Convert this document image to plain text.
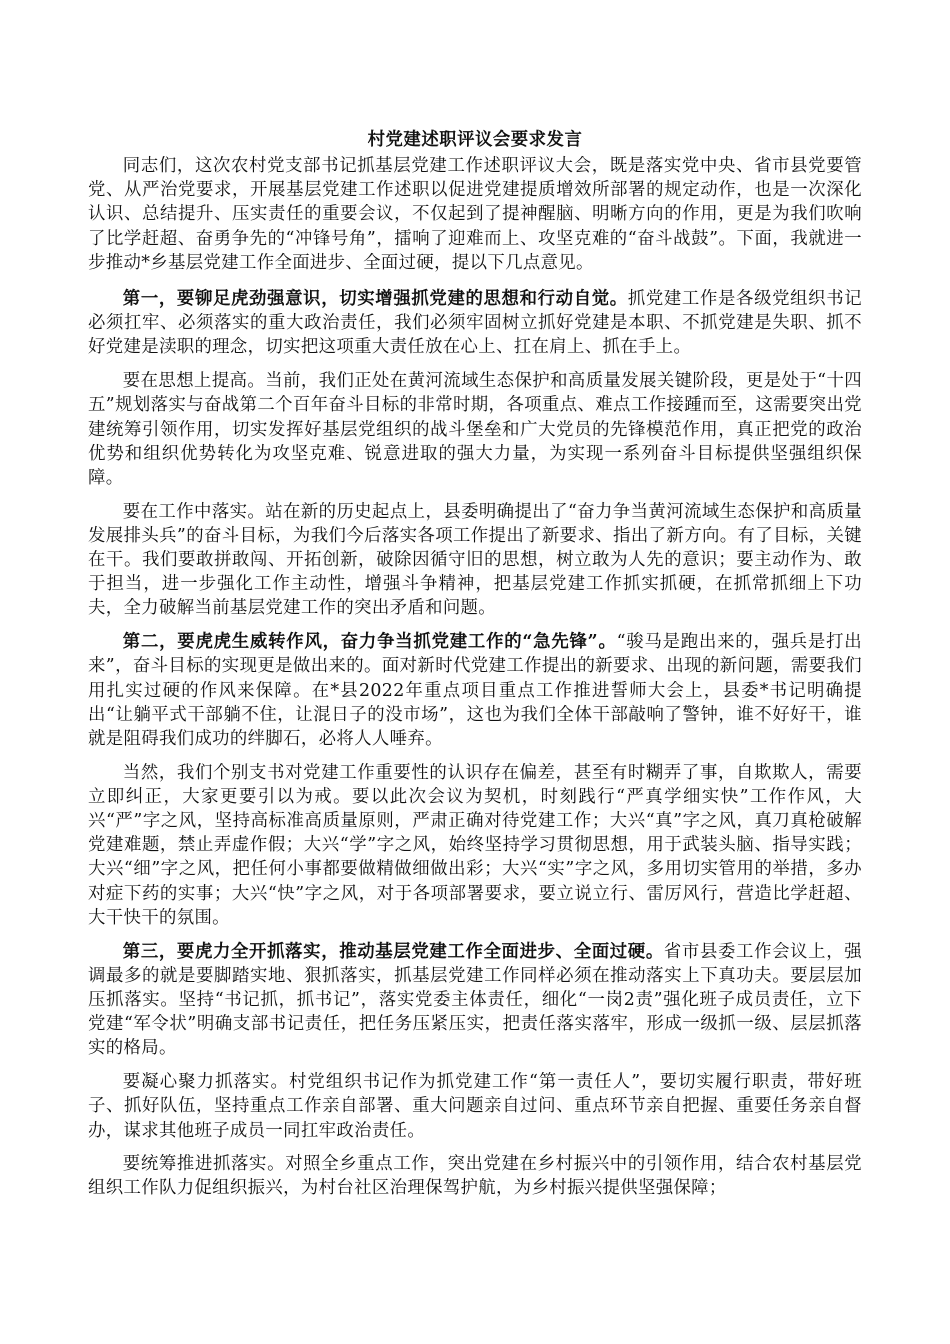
村党建述职评议会要求发言

同志们，这次农村党支部书记抓基层党建工作述职评议大会，既是落实党中央、省市县党要管党、从严治党要求，开展基层党建工作述职以促进党建提质增效所部署的规定动作，也是一次深化认识、总结提升、压实责任的重要会议，不仅起到了提神醒脑、明晰方向的作用，更是为我们吹响了比学赶超、奋勇争先的“冲锋号角”，擂响了迎难而上、攻坚克难的“奋斗战鼓”。下面，我就进一步推动*乡基层党建工作全面进步、全面过硬，提以下几点意见。

第一，要铆足虎劲强意识，切实增强抓党建的思想和行动自觉。抓党建工作是各级党组织书记必须扛牢、必须落实的重大政治责任，我们必须牢固树立抓好党建是本职、不抓党建是失职、抓不好党建是渎职的理念，切实把这项重大责任放在心上、扛在肩上、抓在手上。

要在思想上提高。当前，我们正处在黄河流域生态保护和高质量发展关键阶段，更是处于“十四五”规划落实与奋战第二个百年奋斗目标的非常时期，各项重点、难点工作接踵而至，这需要突出党建统筹引领作用，切实发挥好基层党组织的战斗堡垒和广大党员的先锋模范作用，真正把党的政治优势和组织优势转化为攻坚克难、锐意进取的强大力量，为实现一系列奋斗目标提供坚强组织保障。

要在工作中落实。站在新的历史起点上，县委明确提出了“奋力争当黄河流域生态保护和高质量发展排头兵”的奋斗目标，为我们今后落实各项工作提出了新要求、指出了新方向。有了目标，关键在干。我们要敢拼敢闯、开拓创新，破除因循守旧的思想，树立敢为人先的意识；要主动作为、敢于担当，进一步强化工作主动性，增强斗争精神，把基层党建工作抓实抓硬，在抓常抓细上下功夫，全力破解当前基层党建工作的突出矛盾和问题。

第二，要虎虎生威转作风，奋力争当抓党建工作的“急先锋”。“骏马是跑出来的，强兵是打出来”，奋斗目标的实现更是做出来的。面对新时代党建工作提出的新要求、出现的新问题，需要我们用扎实过硬的作风来保障。在*县2022年重点项目重点工作推进誓师大会上，县委*书记明确提出“让躺平式干部躺不住，让混日子的没市场”，这也为我们全体干部敲响了警钟，谁不好好干，谁就是阻碍我们成功的绊脚石，必将人人唾弃。

当然，我们个别支书对党建工作重要性的认识存在偏差，甚至有时糊弄了事，自欺欺人，需要立即纠正，大家更要引以为戒。要以此次会议为契机，时刻践行“严真学细实快”工作作风，大兴“严”字之风，坚持高标准高质量原则，严肃正确对待党建工作；大兴“真”字之风，真刀真枪破解党建难题，禁止弄虚作假；大兴“学”字之风，始终坚持学习贯彻思想，用于武装头脑、指导实践；大兴“细”字之风，把任何小事都要做精做细做出彩；大兴“实”字之风，多用切实管用的举措，多办对症下药的实事；大兴“快”字之风，对于各项部署要求，要立说立行、雷厉风行，营造比学赶超、大干快干的氛围。

第三，要虎力全开抓落实，推动基层党建工作全面进步、全面过硬。省市县委工作会议上，强调最多的就是要脚踏实地、狠抓落实，抓基层党建工作同样必须在推动落实上下真功夫。要层层加压抓落实。坚持“书记抓，抓书记”，落实党委主体责任，细化“一岗2责”强化班子成员责任，立下党建“军令状”明确支部书记责任，把任务压紧压实，把责任落实落牢，形成一级抓一级、层层抓落实的格局。

要凝心聚力抓落实。村党组织书记作为抓党建工作“第一责任人”，要切实履行职责，带好班子、抓好队伍，坚持重点工作亲自部署、重大问题亲自过问、重点环节亲自把握、重要任务亲自督办，谋求其他班子成员一同扛牢政治责任。

要统筹推进抓落实。对照全乡重点工作，突出党建在乡村振兴中的引领作用，结合农村基层党组织工作队力促组织振兴，为村台社区治理保驾护航，为乡村振兴提供坚强保障；
